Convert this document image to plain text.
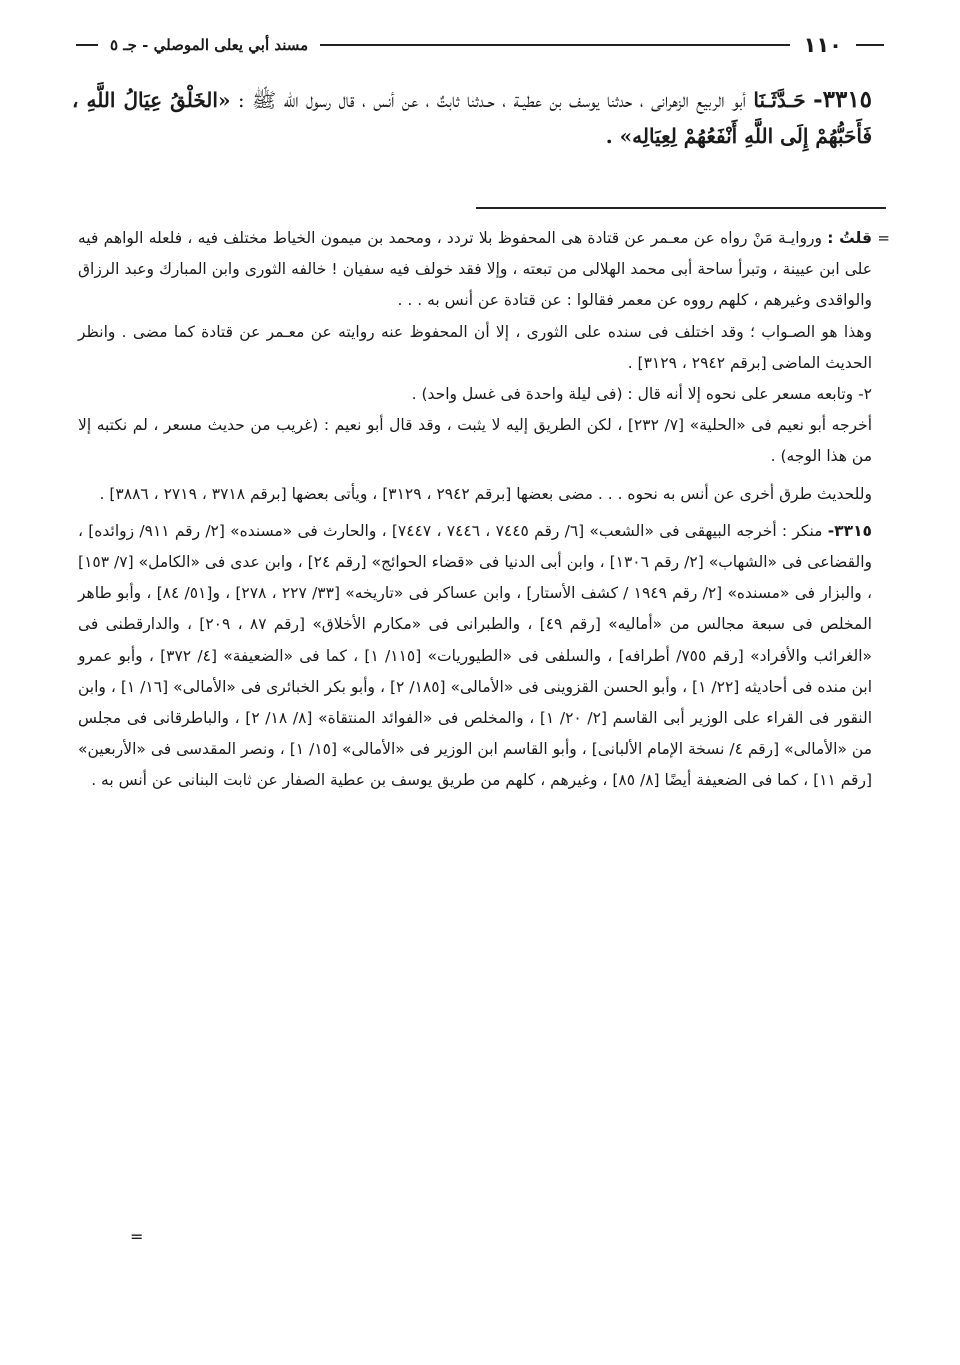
١١٠
مسند أبي يعلى الموصلي - جـ ٥
٣٣١٥- حَـدَّثَـنَا أبو الربيع الزهرانى ، حدثنا يوسف بن عطيـة ، حـدثنا ثابتٌ ، عن أنس ، قال رسول الله ﷺ : «الخَلْقُ عِيَالُ اللَّهِ ، فَأَحَبُّهُمْ إِلَى اللَّهِ أَنْفَعُهُمْ لِعِيَالِه» .

=
قلتُ : وروايـة مَنْ رواه عن معـمر عن قتادة هى المحفوظ بلا تردد ، ومحمد بن ميمون الخياط مختلف فيه ، فلعله الواهم فيه على ابن عيينة ، وتبرأ ساحة أبى محمد الهلالى من تبعته ، وإلا فقد خولف فيه سفيان ! خالفه الثورى وابن المبارك وعبد الرزاق والواقدى وغيرهم ، كلهم رووه عن معمر فقالوا : عن قتادة عن أنس به . . .

وهذا هو الصـواب ؛ وقد اختلف فى سنده على الثورى ، إلا أن المحفوظ عنه روايته عن معـمر عن قتادة كما مضى . وانظر الحديث الماضى [برقم ٢٩٤٢ ، ٣١٢٩] .

٢- وتابعه مسعر على نحوه إلا أنه قال : (فى ليلة واحدة فى غسل واحد) .

أخرجه أبو نعيم فى «الحلية» [٧/ ٢٣٢] ، لكن الطريق إليه لا يثبت ، وقد قال أبو نعيم : (غريب من حديث مسعر ، لم نكتبه إلا من هذا الوجه) .

وللحديث طرق أخرى عن أنس به نحوه . . . مضى بعضها [برقم ٢٩٤٢ ، ٣١٢٩] ، ويأتى بعضها [برقم ٣٧١٨ ، ٢٧١٩ ، ٣٨٨٦] .

٣٣١٥- منكر : أخرجه البيهقى فى «الشعب» [٦/ رقم ٧٤٤٥ ، ٧٤٤٦ ، ٧٤٤٧] ، والحارث فى «مسنده» [٢/ رقم ٩١١/ زوائده] ، والقضاعى فى «الشهاب» [٢/ رقم ١٣٠٦] ، وابن أبى الدنيا فى «قضاء الحوائج» [رقم ٢٤] ، وابن عدى فى «الكامل» [٧/ ١٥٣] ، والبزار فى «مسنده» [٢/ رقم ١٩٤٩ / كشف الأستار] ، وابن عساكر فى «تاريخه» [٣٣/ ٢٢٧ ، ٢٧٨] ، و[٥١/ ٨٤] ، وأبو طاهر المخلص فى سبعة مجالس من «أماليه» [رقم ٤٩] ، والطبرانى فى «مكارم الأخلاق» [رقم ٨٧ ، ٢٠٩] ، والدارقطنى فى «الغرائب والأفراد» [رقم ٧٥٥/ أطرافه] ، والسلفى فى «الطيوريات» [١١٥/ ١] ، كما فى «الضعيفة» [٤/ ٣٧٢] ، وأبو عمرو ابن منده فى أحاديثه [٢٢/ ١] ، وأبو الحسن القزوينى فى «الأمالى» [١٨٥/ ٢] ، وأبو بكر الخبائرى فى «الأمالى» [١٦/ ١] ، وابن النقور فى القراء على الوزير أبى القاسم [٢/ ٢٠/ ١] ، والمخلص فى «الفوائد المنتقاة» [٨/ ١٨/ ٢] ، والباطرقانى فى مجلس من «الأمالى» [رقم ٤/ نسخة الإمام الألبانى] ، وأبو القاسم ابن الوزير فى «الأمالى» [١٥/ ١] ، ونصر المقدسى فى «الأربعين» [رقم ١١] ، كما فى الضعيفة أيضًا [٨/ ٨٥] ، وغيرهم ، كلهم من طريق يوسف بن عطية الصفار عن ثابت البنانى عن أنس به .

=
